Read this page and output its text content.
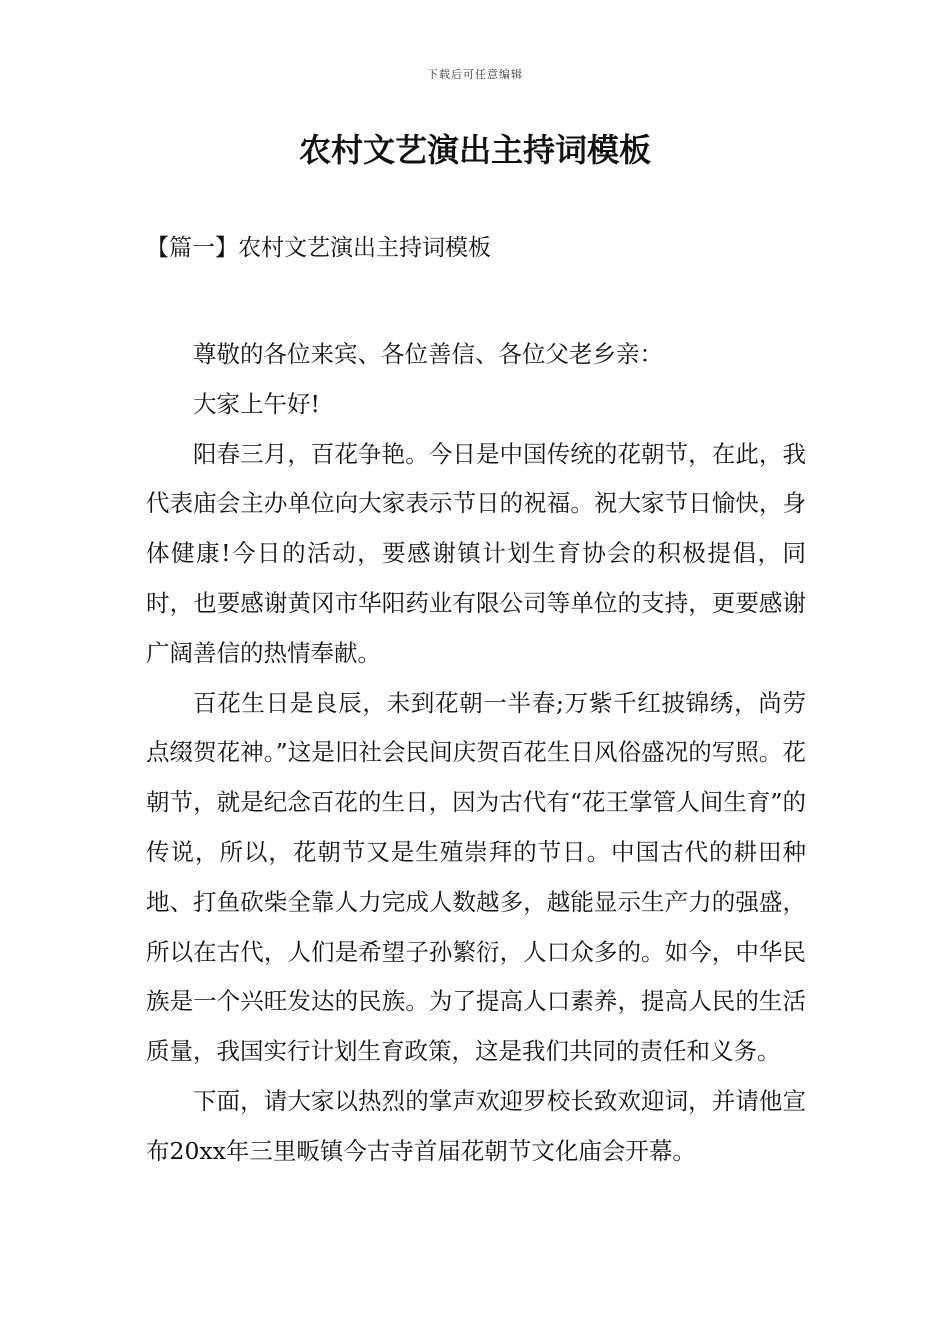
下载后可任意编辑
农村文艺演出主持词模板
【篇一】农村文艺演出主持词模板

尊敬的各位来宾、各位善信、各位父老乡亲：

大家上午好!

阳春三月，百花争艳。今日是中国传统的花朝节，在此，我代表庙会主办单位向大家表示节日的祝福。祝大家节日愉快，身体健康!今日的活动，要感谢镇计划生育协会的积极提倡，同时，也要感谢黄冈市华阳药业有限公司等单位的支持，更要感谢广阔善信的热情奉献。

百花生日是良辰，未到花朝一半春;万紫千红披锦绣，尚劳点缀贺花神。”这是旧社会民间庆贺百花生日风俗盛况的写照。花朝节，就是纪念百花的生日，因为古代有“花王掌管人间生育”的传说，所以，花朝节又是生殖崇拜的节日。中国古代的耕田种地、打鱼砍柴全靠人力完成人数越多，越能显示生产力的强盛，所以在古代，人们是希望子孙繁衍，人口众多的。如今，中华民族是一个兴旺发达的民族。为了提高人口素养，提高人民的生活质量，我国实行计划生育政策，这是我们共同的责任和义务。

下面，请大家以热烈的掌声欢迎罗校长致欢迎词，并请他宣布20xx年三里畈镇今古寺首届花朝节文化庙会开幕。
